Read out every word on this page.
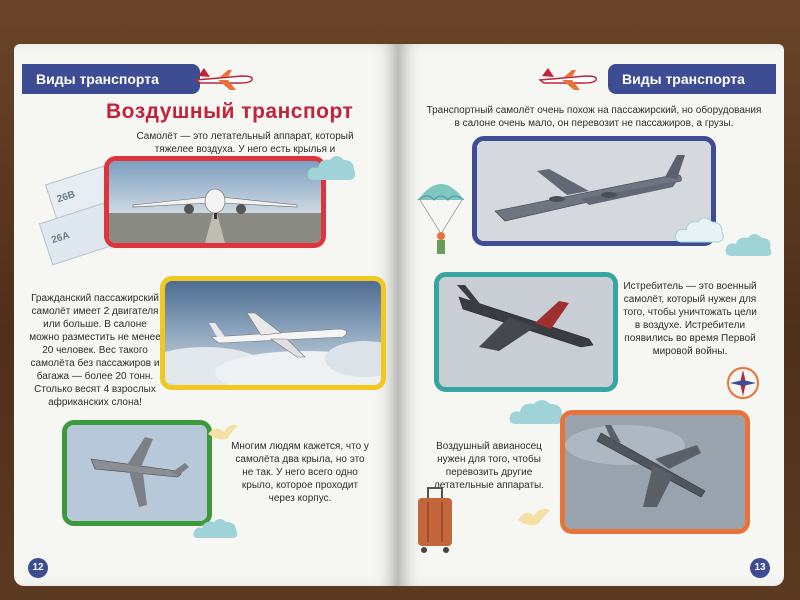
Виды транспорта
Воздушный транспорт
Самолёт — это летательный аппарат, который тяжелее воздуха. У него есть крылья и
26B
26A
Гражданский пассажирский самолёт имеет 2 двигателя или больше. В салоне можно разместить не менее 20 человек. Вес такого самолёта без пассажиров и багажа — более 20 тонн. Столько весят 4 взрослых африканских слона!
Многим людям кажется, что у самолёта два крыла, но это не так. У него всего одно крыло, которое проходит через корпус.
12
Виды транспорта
Транспортный самолёт очень похож на пассажирский, но оборудования в салоне очень мало, он перевозит не пассажиров, а грузы.
Истребитель — это военный самолёт, который нужен для того, чтобы уничтожать цели в воздухе. Истребители появились во время Первой мировой войны.
Воздушный авианосец нужен для того, чтобы перевозить другие летательные аппараты.
13
